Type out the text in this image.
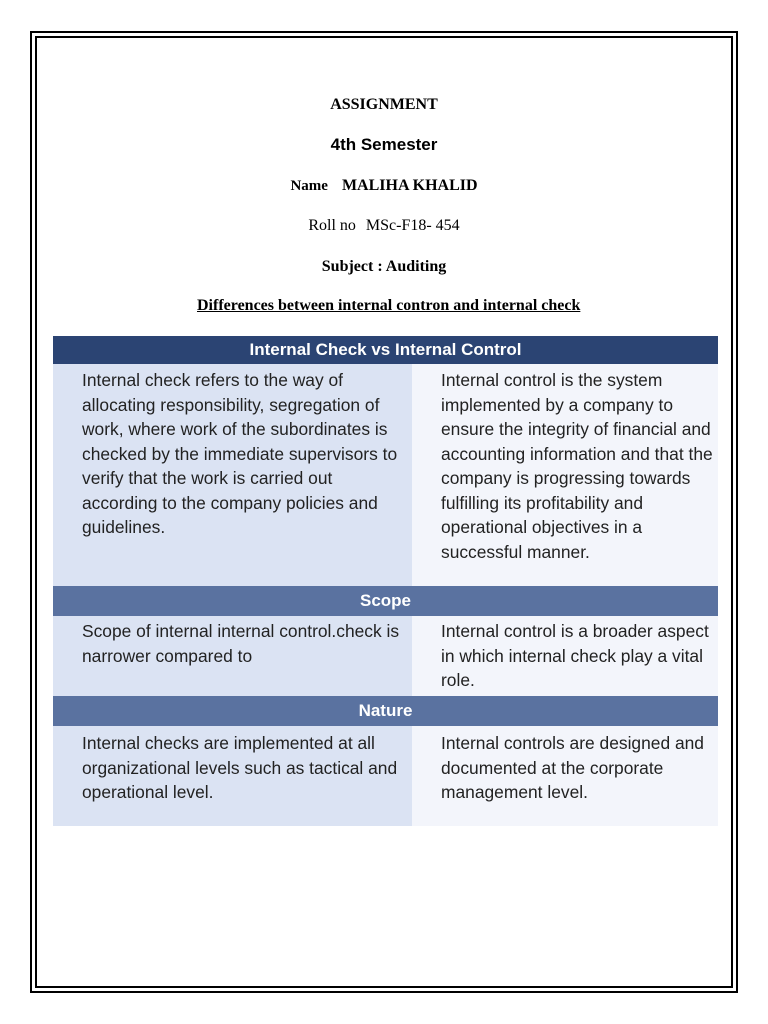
ASSIGNMENT
4th Semester
Name MALIHA KHALID
Roll no MSc-F18- 454
Subject : Auditing
Differences between internal contron and internal check
Internal Check vs Internal Control
Internal check refers to the way of allocating responsibility, segregation of work, where work of the subordinates is checked by the immediate supervisors to verify that the work is carried out according to the company policies and guidelines.
Internal control is the system implemented by a company to ensure the integrity of financial and accounting information and that the company is progressing towards fulfilling its profitability and operational objectives in a successful manner.
Scope
Scope of internal internal control.check is narrower compared to
Internal control is a broader aspect in which internal check play a vital role.
Nature
Internal checks are implemented at all organizational levels such as tactical and operational level.
Internal controls are designed and documented at the corporate management level.
